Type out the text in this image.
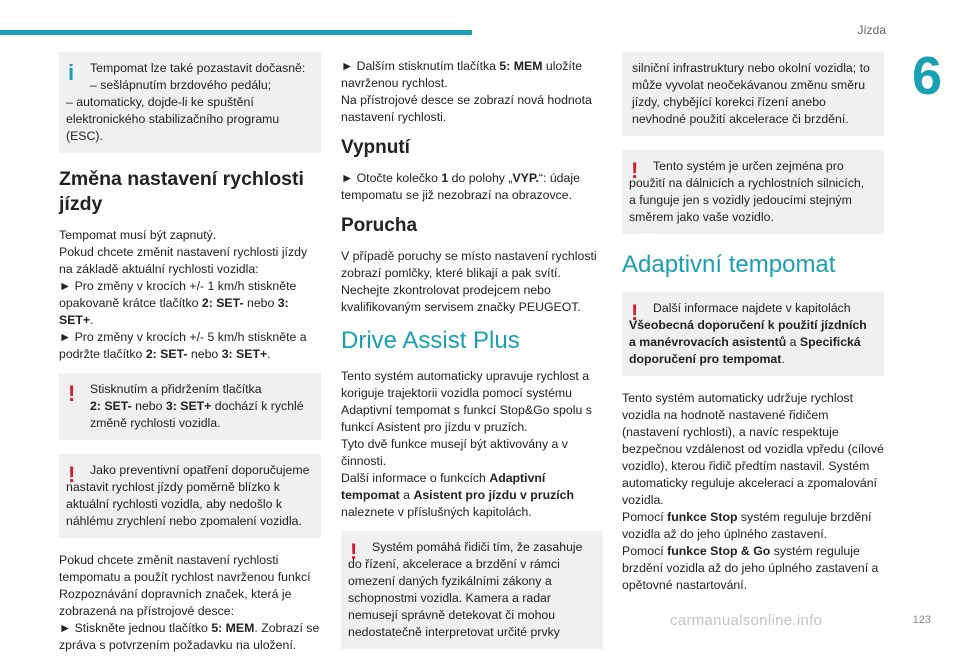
Jízda
6
i	Tempomat lze také pozastavit dočasně:
– sešlápnutím brzdového pedálu;
– automaticky, dojde-li ke spuštění elektronického stabilizačního programu (ESC).
Změna nastavení rychlosti jízdy

Tempomat musí být zapnutý.

Pokud chcete změnit nastavení rychlosti jízdy na základě aktuální rychlosti vozidla:

► Pro změny v krocích +/- 1 km/h stiskněte opakovaně krátce tlačítko 2: SET- nebo 3: SET+.

► Pro změny v krocích +/- 5 km/h stiskněte a podržte tlačítko 2: SET- nebo 3: SET+.

!	Stisknutím a přidržením tlačítka
2: SET- nebo 3: SET+ dochází k rychlé změně rychlosti vozidla.
!	Jako preventivní opatření doporučujeme
nastavit rychlost jízdy poměrně blízko k aktuální rychlosti vozidla, aby nedošlo k náhlému zrychlení nebo zpomalení vozidla.

Pokud chcete změnit nastavení rychlosti tempomatu a použít rychlost navrženou funkcí Rozpoznávání dopravních značek, která je zobrazená na přístrojové desce:

► Stiskněte jednou tlačítko 5: MEM. Zobrazí se zpráva s potvrzením požadavku na uložení.

► Dalším stisknutím tlačítka 5: MEM uložíte navrženou rychlost.

Na přístrojové desce se zobrazí nová hodnota nastavení rychlosti.

Vypnutí

► Otočte kolečko 1 do polohy „VYP.“: údaje tempomatu se již nezobrazí na obrazovce.

Porucha

V případě poruchy se místo nastavení rychlosti zobrazí pomlčky, které blikají a pak svítí. Nechejte zkontrolovat prodejcem nebo kvalifikovaným servisem značky PEUGEOT.

Drive Assist Plus

Tento systém automaticky upravuje rychlost a koriguje trajektorii vozidla pomocí systému Adaptivní tempomat s funkcí Stop&Go spolu s funkcí Asistent pro jízdu v pruzích.

Tyto dvě funkce musejí být aktivovány a v činnosti.

Další informace o funkcích Adaptivní tempomat a Asistent pro jízdu v pruzích naleznete v příslušných kapitolách.

!	Systém pomáhá řidiči tím, že zasahuje
do řízení, akcelerace a brzdění v rámci omezení daných fyzikálními zákony a schopnostmi vozidla. Kamera a radar nemusejí správně detekovat či mohou nedostatečně interpretovat určité prvky
silniční infrastruktury nebo okolní vozidla; to může vyvolat neočekávanou změnu směru jízdy, chybějící korekci řízení anebo nevhodné použití akcelerace či brzdění.
!	Tento systém je určen zejména pro
použití na dálnicích a rychlostních silnicích, a funguje jen s vozidly jedoucími stejným směrem jako vaše vozidlo.
Adaptivní tempomat
!	Další informace najdete v kapitolách
Všeobecná doporučení k použití jízdních a manévrovacích asistentů a Specifická doporučení pro tempomat.

Tento systém automaticky udržuje rychlost vozidla na hodnotě nastavené řidičem (nastavení rychlosti), a navíc respektuje bezpečnou vzdálenost od vozidla vpředu (cílové vozidlo), kterou řidič předtím nastavil. Systém automaticky reguluje akceleraci a zpomalování vozidla.

Pomocí funkce Stop systém reguluje brzdění vozidla až do jeho úplného zastavení.

Pomocí funkce Stop & Go systém reguluje brzdění vozidla až do jeho úplného zastavení a opětovné nastartování.

carmanualsonline.info	123
